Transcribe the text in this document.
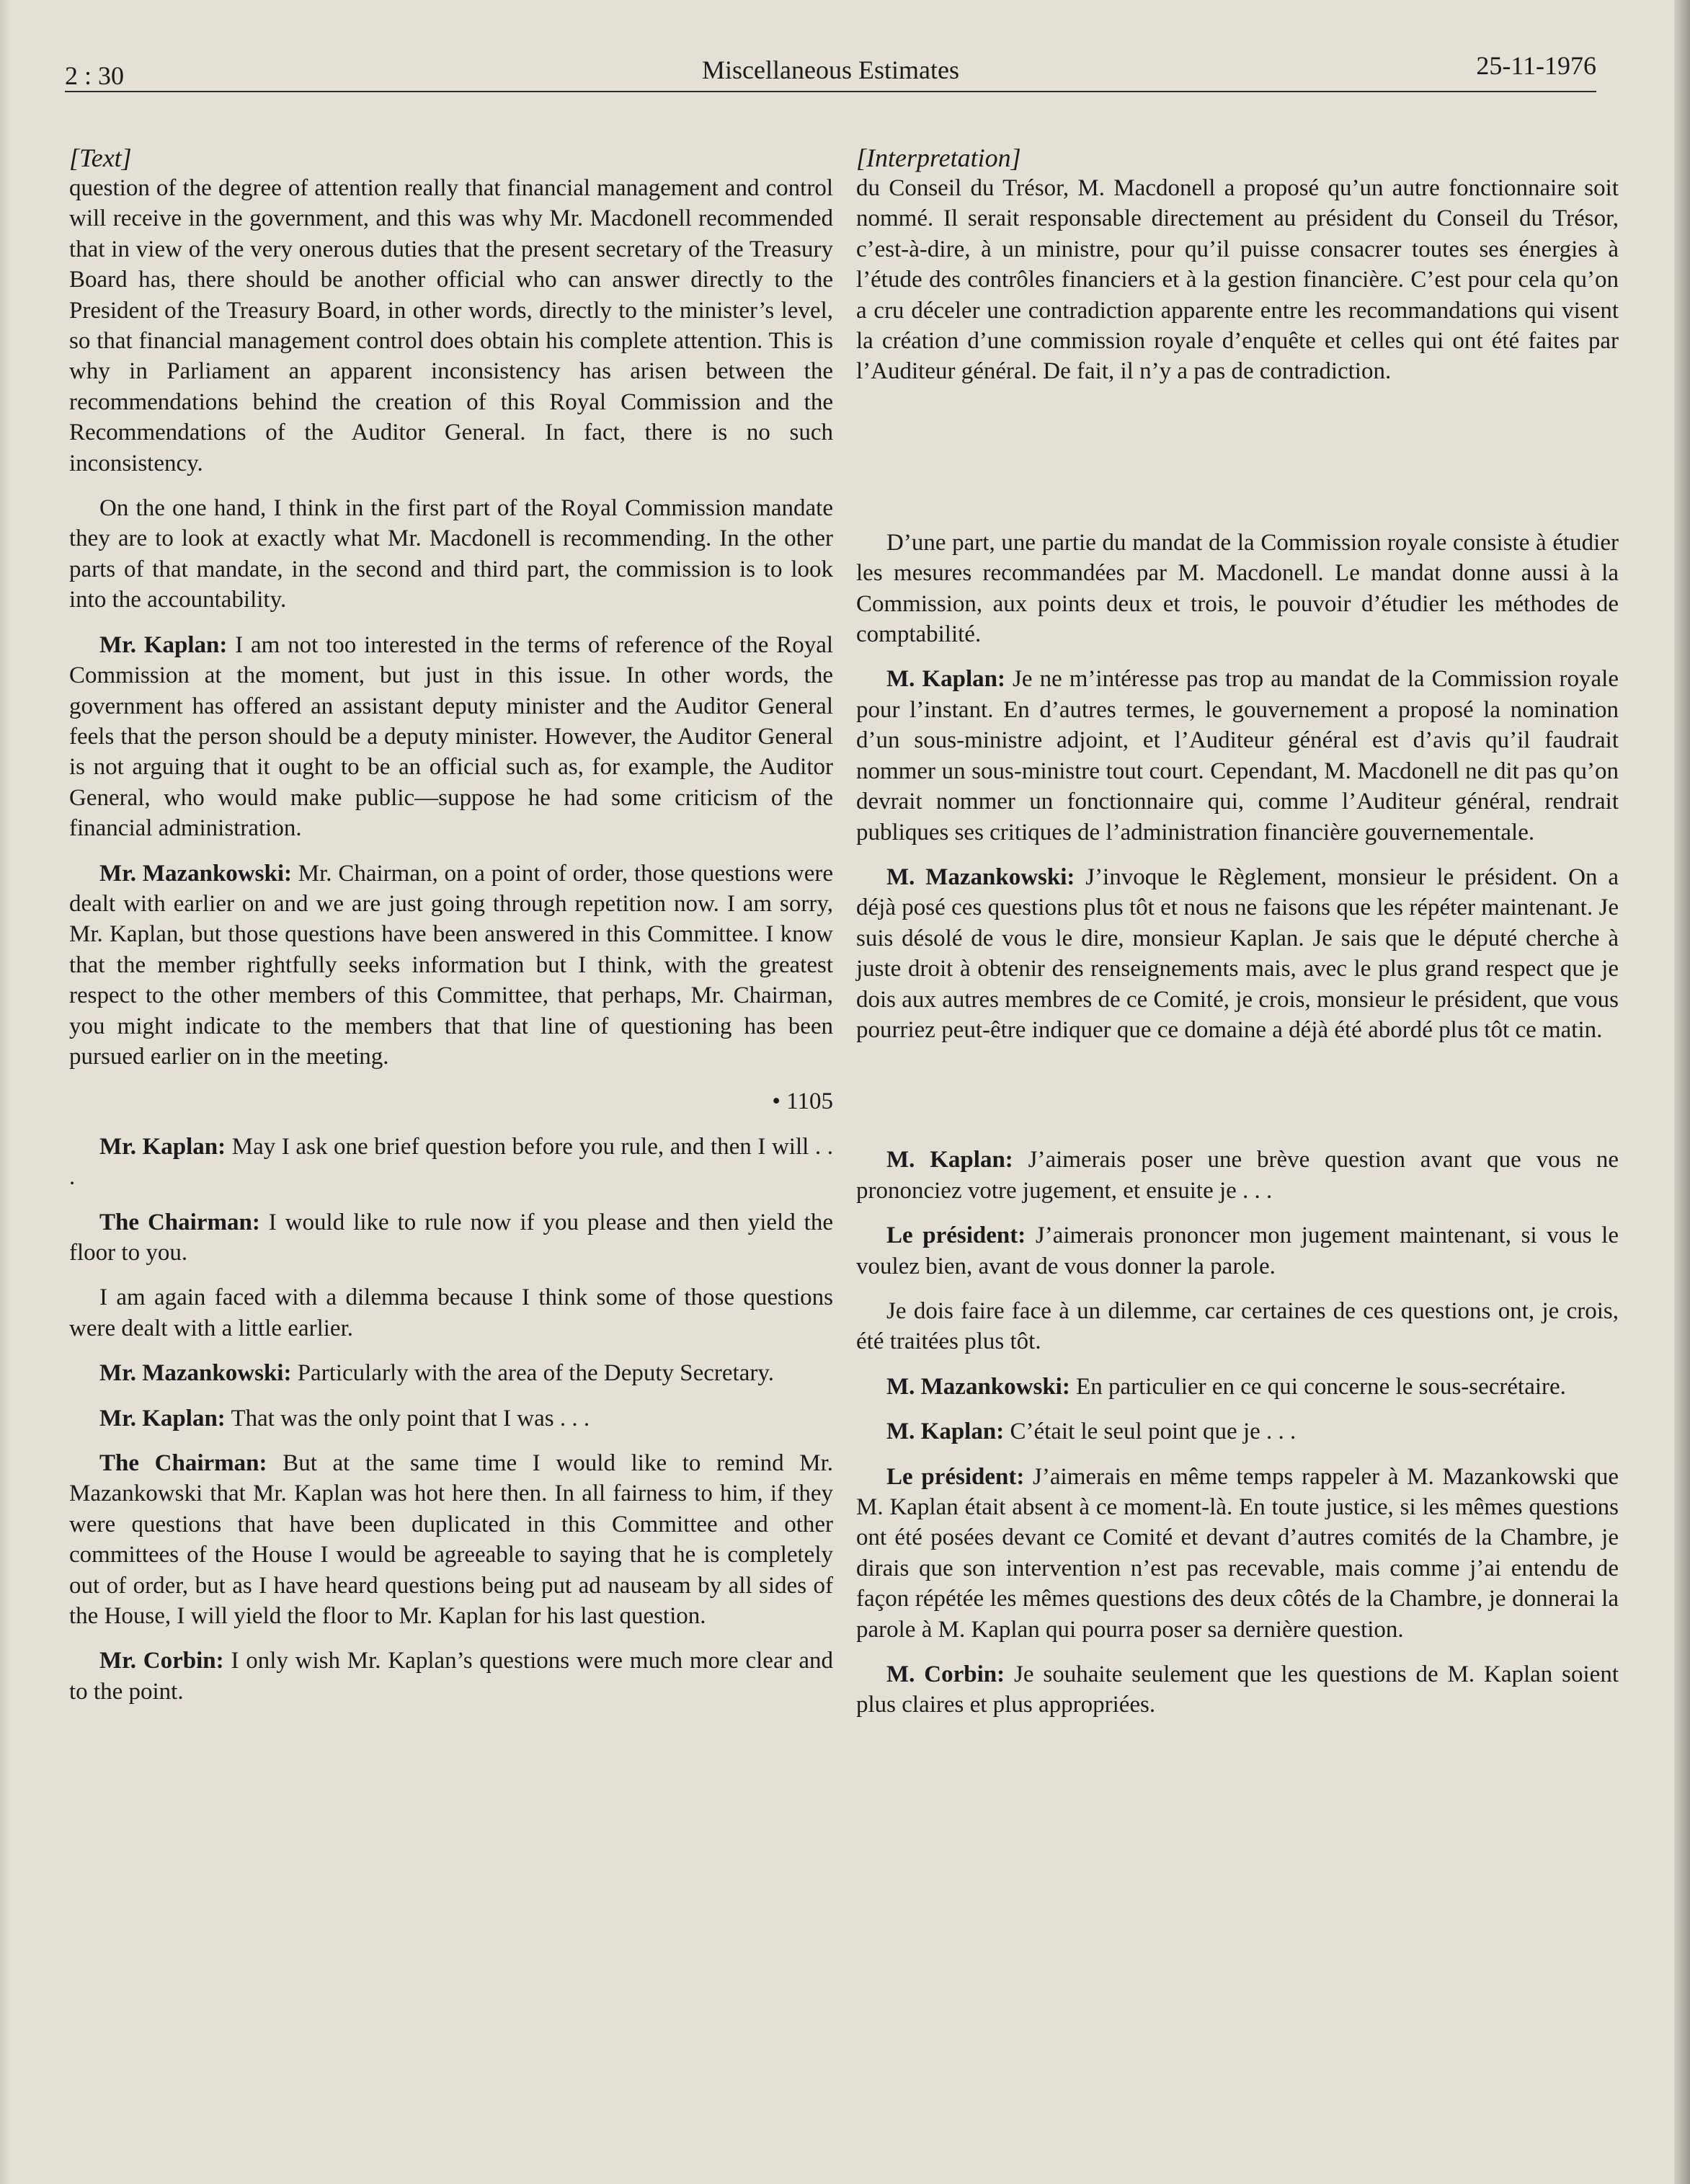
2 : 30	Miscellaneous Estimates	25-11-1976
[Text]

question of the degree of attention really that financial management and control will receive in the government, and this was why Mr. Macdonell recommended that in view of the very onerous duties that the present secretary of the Treasury Board has, there should be another official who can answer directly to the President of the Treasury Board, in other words, directly to the minister’s level, so that financial management control does obtain his complete attention. This is why in Parliament an apparent inconsistency has arisen between the recommendations behind the creation of this Royal Commission and the Recommendations of the Auditor General. In fact, there is no such inconsistency.

On the one hand, I think in the first part of the Royal Commission mandate they are to look at exactly what Mr. Macdonell is recommending. In the other parts of that mandate, in the second and third part, the commission is to look into the accountability.

Mr. Kaplan: I am not too interested in the terms of reference of the Royal Commission at the moment, but just in this issue. In other words, the government has offered an assistant deputy minister and the Auditor General feels that the person should be a deputy minister. However, the Auditor General is not arguing that it ought to be an official such as, for example, the Auditor General, who would make public—suppose he had some criticism of the financial administration.

Mr. Mazankowski: Mr. Chairman, on a point of order, those questions were dealt with earlier on and we are just going through repetition now. I am sorry, Mr. Kaplan, but those questions have been answered in this Committee. I know that the member rightfully seeks information but I think, with the greatest respect to the other members of this Committee, that perhaps, Mr. Chairman, you might indicate to the members that that line of questioning has been pursued earlier on in the meeting.

• 1105

Mr. Kaplan: May I ask one brief question before you rule, and then I will . . .

The Chairman: I would like to rule now if you please and then yield the floor to you.

I am again faced with a dilemma because I think some of those questions were dealt with a little earlier.

Mr. Mazankowski: Particularly with the area of the Deputy Secretary.

Mr. Kaplan: That was the only point that I was . . .

The Chairman: But at the same time I would like to remind Mr. Mazankowski that Mr. Kaplan was hot here then. In all fairness to him, if they were questions that have been duplicated in this Committee and other committees of the House I would be agreeable to saying that he is completely out of order, but as I have heard questions being put ad nauseam by all sides of the House, I will yield the floor to Mr. Kaplan for his last question.

Mr. Corbin: I only wish Mr. Kaplan’s questions were much more clear and to the point.

[Interpretation]

du Conseil du Trésor, M. Macdonell a proposé qu’un autre fonctionnaire soit nommé. Il serait responsable directement au président du Conseil du Trésor, c’est-à-dire, à un ministre, pour qu’il puisse consacrer toutes ses énergies à l’étude des contrôles financiers et à la gestion financière. C’est pour cela qu’on a cru déceler une contradiction apparente entre les recommandations qui visent la création d’une commission royale d’enquête et celles qui ont été faites par l’Auditeur général. De fait, il n’y a pas de contradiction.

D’une part, une partie du mandat de la Commission royale consiste à étudier les mesures recommandées par M. Macdonell. Le mandat donne aussi à la Commission, aux points deux et trois, le pouvoir d’étudier les méthodes de comptabilité.

M. Kaplan: Je ne m’intéresse pas trop au mandat de la Commission royale pour l’instant. En d’autres termes, le gouvernement a proposé la nomination d’un sous-ministre adjoint, et l’Auditeur général est d’avis qu’il faudrait nommer un sous-ministre tout court. Cependant, M. Macdonell ne dit pas qu’on devrait nommer un fonctionnaire qui, comme l’Auditeur général, rendrait publiques ses critiques de l’administration financière gouvernementale.

M. Mazankowski: J’invoque le Règlement, monsieur le président. On a déjà posé ces questions plus tôt et nous ne faisons que les répéter maintenant. Je suis désolé de vous le dire, monsieur Kaplan. Je sais que le député cherche à juste droit à obtenir des renseignements mais, avec le plus grand respect que je dois aux autres membres de ce Comité, je crois, monsieur le président, que vous pourriez peut-être indiquer que ce domaine a déjà été abordé plus tôt ce matin.

M. Kaplan: J’aimerais poser une brève question avant que vous ne prononciez votre jugement, et ensuite je . . .

Le président: J’aimerais prononcer mon jugement maintenant, si vous le voulez bien, avant de vous donner la parole.

Je dois faire face à un dilemme, car certaines de ces questions ont, je crois, été traitées plus tôt.

M. Mazankowski: En particulier en ce qui concerne le sous-secrétaire.

M. Kaplan: C’était le seul point que je . . .

Le président: J’aimerais en même temps rappeler à M. Mazankowski que M. Kaplan était absent à ce moment-là. En toute justice, si les mêmes questions ont été posées devant ce Comité et devant d’autres comités de la Chambre, je dirais que son intervention n’est pas recevable, mais comme j’ai entendu de façon répétée les mêmes questions des deux côtés de la Chambre, je donnerai la parole à M. Kaplan qui pourra poser sa dernière question.

M. Corbin: Je souhaite seulement que les questions de M. Kaplan soient plus claires et plus appropriées.
